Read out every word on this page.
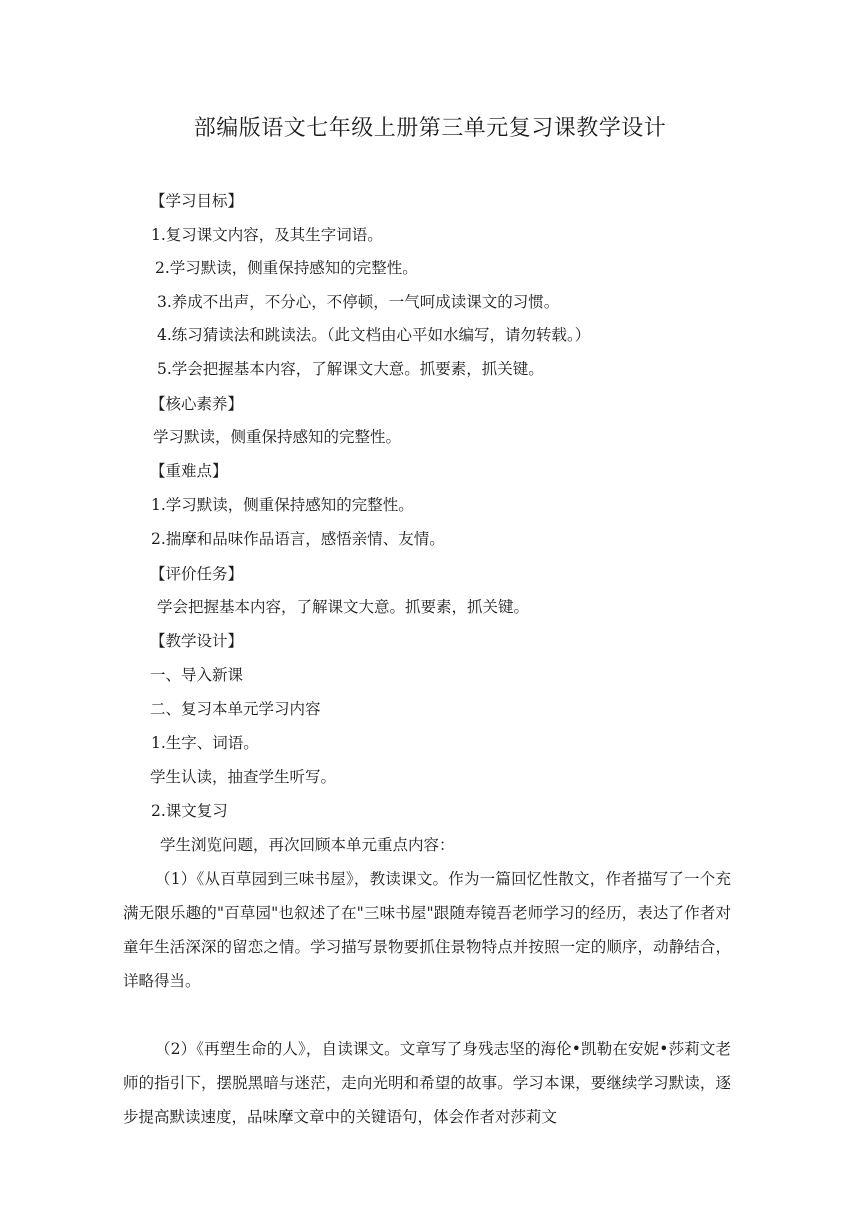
部编版语文七年级上册第三单元复习课教学设计
【学习目标】
1.复习课文内容，及其生字词语。
2.学习默读，侧重保持感知的完整性。
3.养成不出声，不分心，不停顿，一气呵成读课文的习惯。
4.练习猜读法和跳读法。（此文档由心平如水编写，请勿转载。）
5.学会把握基本内容，了解课文大意。抓要素，抓关键。
【核心素养】
学习默读，侧重保持感知的完整性。
【重难点】
1.学习默读，侧重保持感知的完整性。
2.揣摩和品味作品语言，感悟亲情、友情。
【评价任务】
学会把握基本内容，了解课文大意。抓要素，抓关键。
【教学设计】
一、导入新课
二、复习本单元学习内容
1.生字、词语。
学生认读，抽查学生听写。
2.课文复习
学生浏览问题，再次回顾本单元重点内容：
（1）《从百草园到三味书屋》，教读课文。作为一篇回忆性散文，作者描写了一个充满无限乐趣的"百草园"也叙述了在"三味书屋"跟随寿镜吾老师学习的经历，表达了作者对童年生活深深的留恋之情。学习描写景物要抓住景物特点并按照一定的顺序，动静结合，详略得当。
（2）《再塑生命的人》，自读课文。文章写了身残志坚的海伦•凯勒在安妮•莎莉文老师的指引下，摆脱黑暗与迷茫，走向光明和希望的故事。学习本课，要继续学习默读，逐步提高默读速度，品味摩文章中的关键语句，体会作者对莎莉文
